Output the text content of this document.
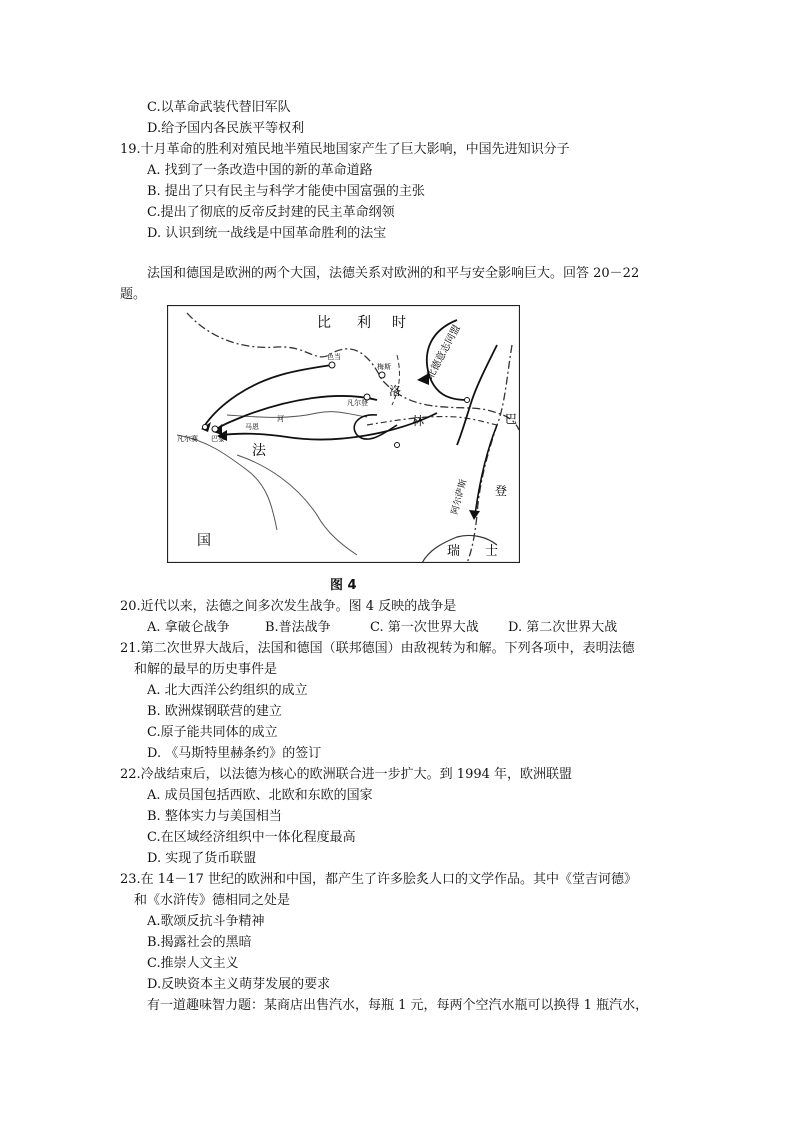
C.以革命武装代替旧军队
D.给予国内各民族平等权利
19.十月革命的胜利对殖民地半殖民地国家产生了巨大影响，中国先进知识分子
A. 找到了一条改造中国的新的革命道路
B. 提出了只有民主与科学才能使中国富强的主张
C.提出了彻底的反帝反封建的民主革命纲领
D. 认识到统一战线是中国革命胜利的法宝
法国和德国是欧洲的两个大国，法德关系对欧洲的和平与安全影响巨大。回答 20－22
题。
比 利 时
北德意志同盟
洛
林	巴
法
国
色当
梅斯
凡尔登
凡尔赛 巴黎
马恩
河
阿尔萨斯 登
瑞 士
图 4
20.近代以来，法德之间多次发生战争。图 4 反映的战争是
A. 拿破仑战争	B.普法战争	C. 第一次世界大战 D. 第二次世界大战
21.第二次世界大战后，法国和德国（联邦德国）由敌视转为和解。下列各项中，表明法德
和解的最早的历史事件是
A. 北大西洋公约组织的成立
B. 欧洲煤钢联营的建立
C.原子能共同体的成立
D. 《马斯特里赫条约》的签订
22.冷战结束后，以法德为核心的欧洲联合进一步扩大。到 1994 年，欧洲联盟
A. 成员国包括西欧、北欧和东欧的国家
B. 整体实力与美国相当
C.在区域经济组织中一体化程度最高
D. 实现了货币联盟
23.在 14－17 世纪的欧洲和中国，都产生了许多脍炙人口的文学作品。其中《堂吉诃德》
和《水浒传》德相同之处是
A.歌颂反抗斗争精神
B.揭露社会的黑暗
C.推崇人文主义
D.反映资本主义萌芽发展的要求
有一道趣味智力题：某商店出售汽水，每瓶 1 元，每两个空汽水瓶可以换得 1 瓶汽水，
